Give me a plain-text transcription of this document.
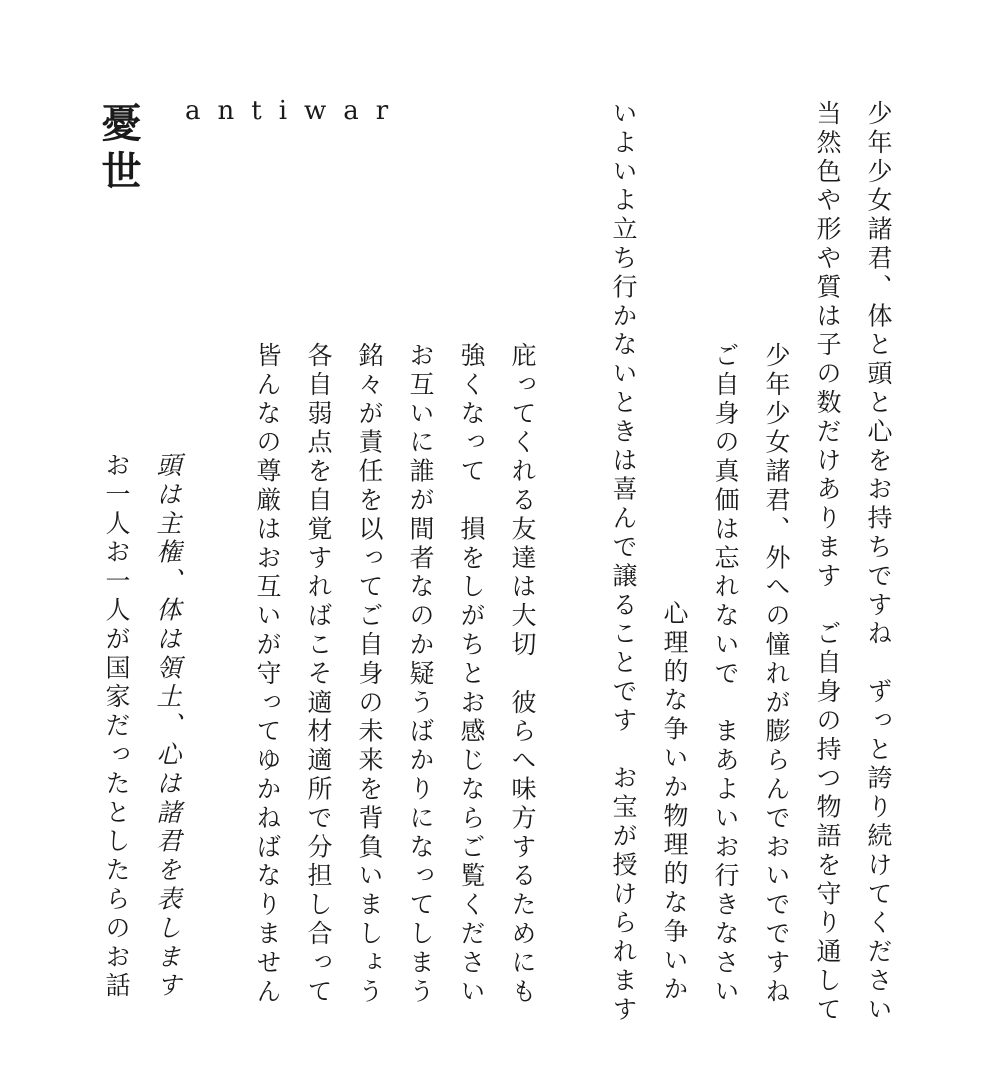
憂世 antiwar	少年少女諸君、体と頭と心をお持ちですね　ずっと誇り続けてください
当然色や形や質は子の数だけあります　ご自身の持つ物語を守り通して
少年少女諸君、外への憧れが膨らんでおいでですね
ご自身の真価は忘れないで　まあよいお行きなさい
心理的な争いか物理的な争いか
いよいよ立ち行かないときは喜んで譲ることです　お宝が授けられます
庇ってくれる友達は大切　彼らへ味方するためにも
強くなって　損をしがちとお感じならご覧ください
お互いに誰が間者なのか疑うばかりになってしまう
銘々が責任を以ってご自身の未来を背負いましょう
各自弱点を自覚すればこそ適材適所で分担し合って
皆んなの尊厳はお互いが守ってゆかねばなりません
頭は主権、体は領土、心は諸君を表します
お一人お一人が国家だったとしたらのお話
